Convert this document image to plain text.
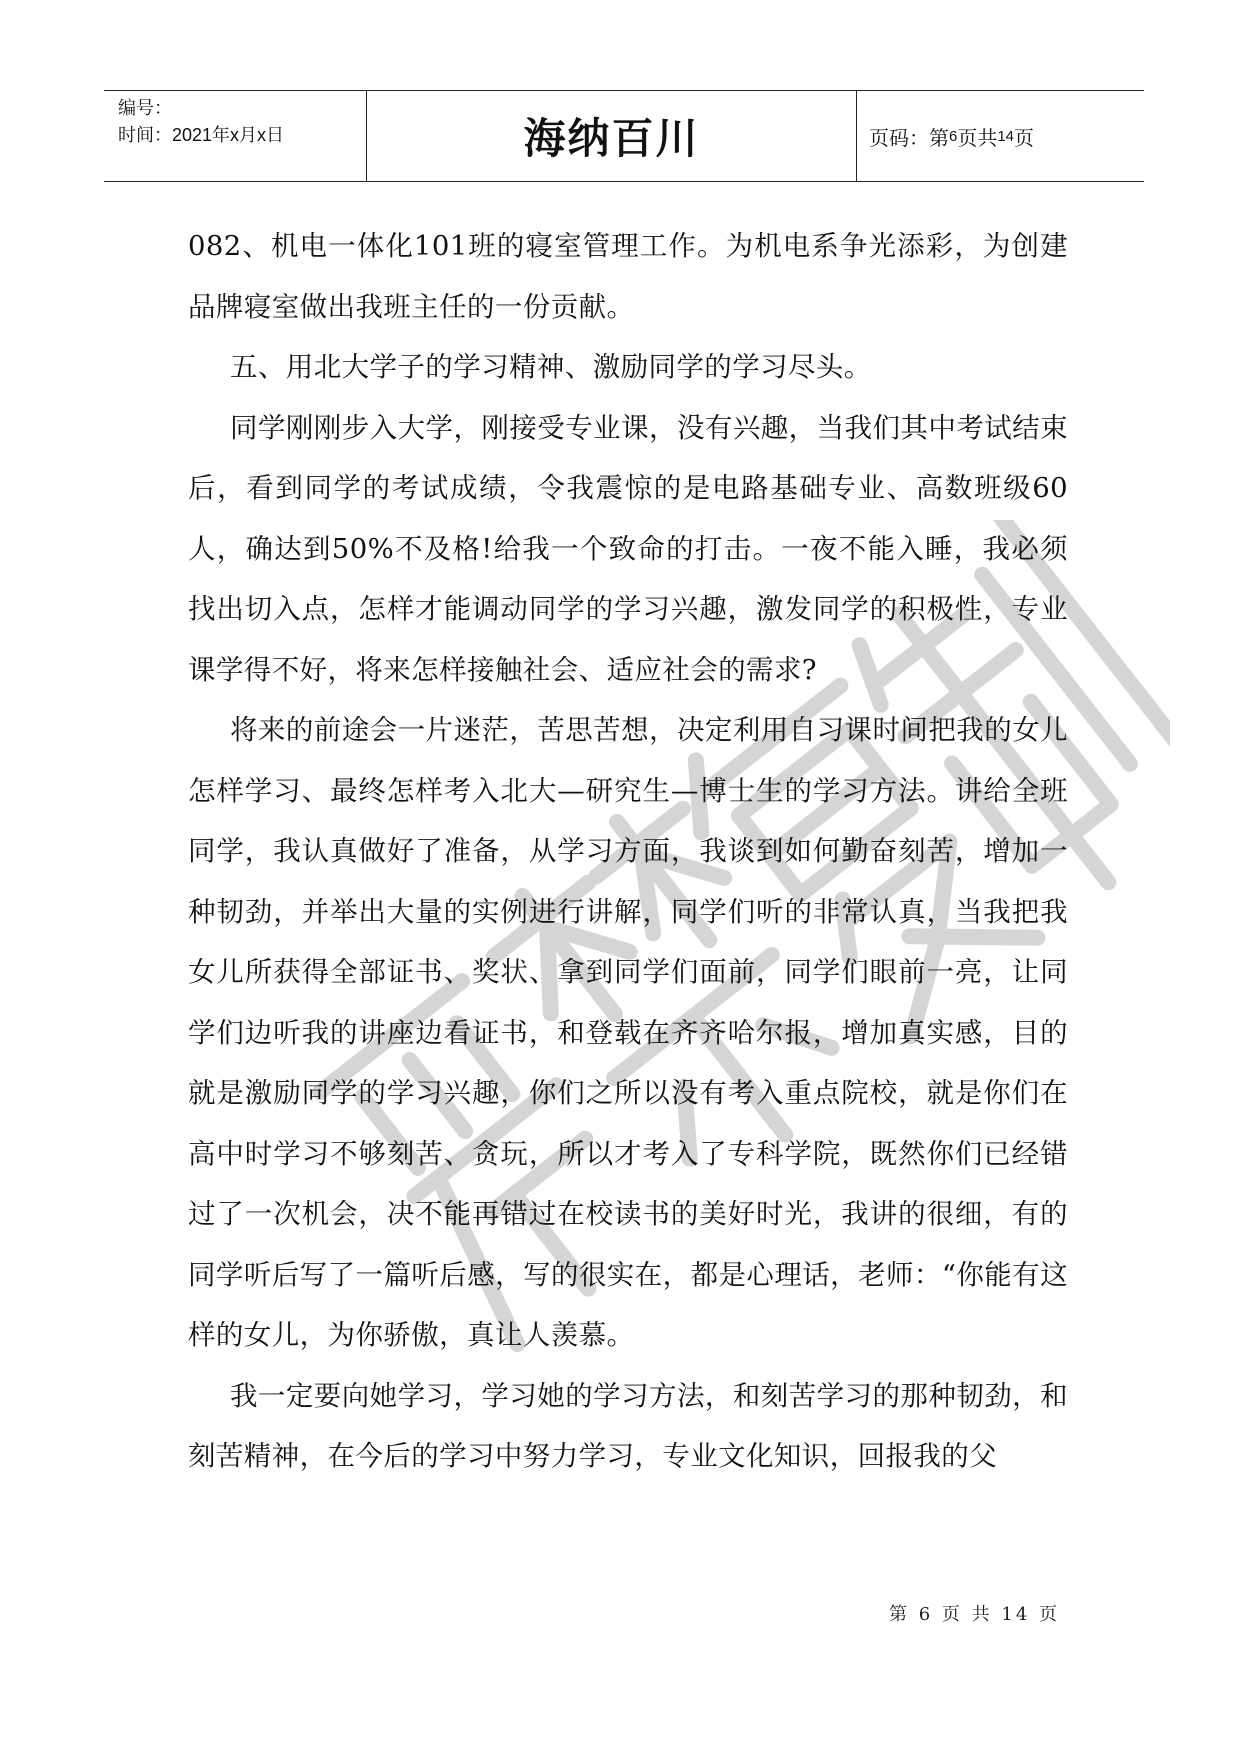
编号：
时间：2021年x月x日	海纳百川	页码：第 6 页共 14 页

082、机电一体化101班的寝室管理工作。为机电系争光添彩，为创建品牌寝室做出我班主任的一份贡献。

五、用北大学子的学习精神、激励同学的学习尽头。

同学刚刚步入大学，刚接受专业课，没有兴趣，当我们其中考试结束后，看到同学的考试成绩，令我震惊的是电路基础专业、高数班级60人，确达到50%不及格!给我一个致命的打击。一夜不能入睡，我必须找出切入点，怎样才能调动同学的学习兴趣，激发同学的积极性，专业课学得不好，将来怎样接触社会、适应社会的需求?

将来的前途会一片迷茫，苦思苦想，决定利用自习课时间把我的女儿怎样学习、最终怎样考入北大—研究生—博士生的学习方法。讲给全班同学，我认真做好了准备，从学习方面，我谈到如何勤奋刻苦，增加一种韧劲，并举出大量的实例进行讲解，同学们听的非常认真，当我把我女儿所获得全部证书、奖状、拿到同学们面前，同学们眼前一亮，让同学们边听我的讲座边看证书，和登载在齐齐哈尔报，增加真实感，目的就是激励同学的学习兴趣，你们之所以没有考入重点院校，就是你们在高中时学习不够刻苦、贪玩，所以才考入了专科学院，既然你们已经错过了一次机会，决不能再错过在校读书的美好时光，我讲的很细，有的同学听后写了一篇听后感，写的很实在，都是心理话，老师：“你能有这样的女儿，为你骄傲，真让人羡慕。

我一定要向她学习，学习她的学习方法，和刻苦学习的那种韧劲，和刻苦精神，在今后的学习中努力学习，专业文化知识，回报我的父

第 6 页 共 14 页
